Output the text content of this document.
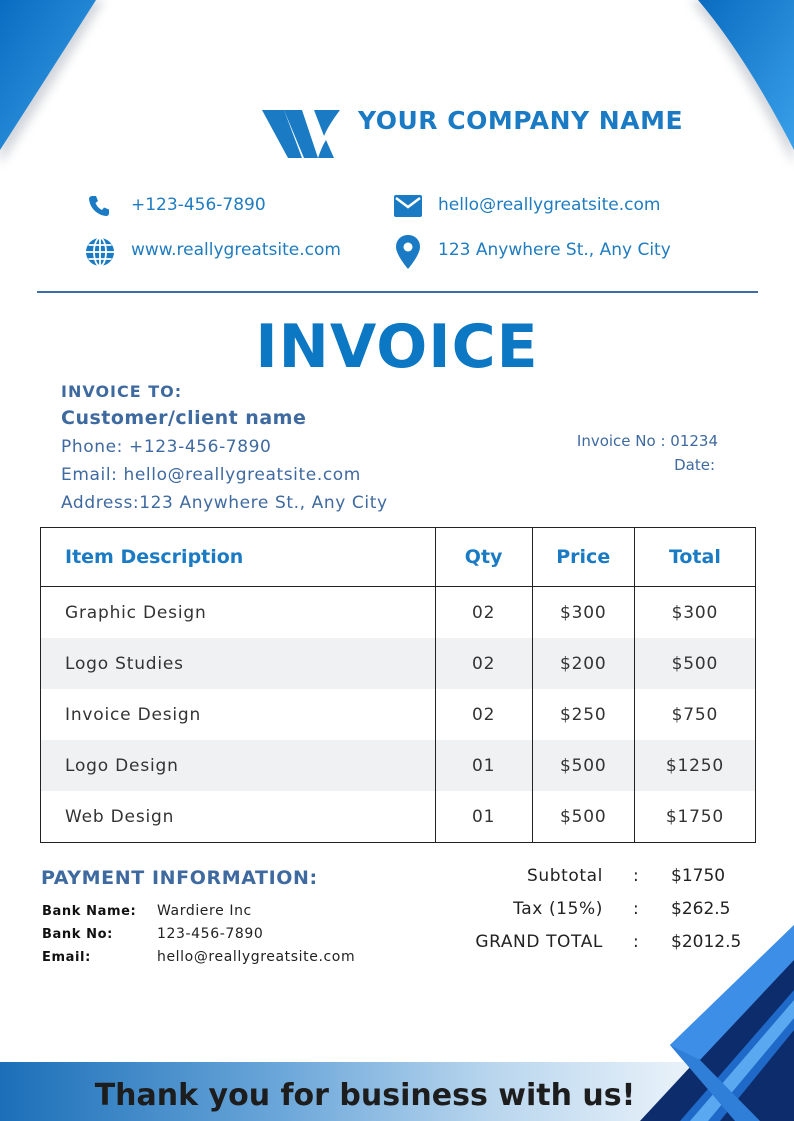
YOUR COMPANY NAME
+123-456-7890	hello@reallygreatsite.com
www.reallygreatsite.com	123 Anywhere St., Any City
INVOICE
INVOICE TO:
Customer/client name
Phone: +123-456-7890
Email: hello@reallygreatsite.com
Address:123 Anywhere St., Any City
Invoice No : 01234
Date:
Item Description	Qty	Price	Total
Graphic Design	02	$300	$300
Logo Studies	02	$200	$500
Invoice Design	02	$250	$750
Logo Design	01	$500	$1250
Web Design	01	$500	$1750
PAYMENT INFORMATION:
Bank Name: Wardiere Inc
Bank No:	123-456-7890
Email:	hello@reallygreatsite.com
Subtotal : $1750
Tax (15%) : $262.5
GRAND TOTAL : $2012.5
Thank you for business with us!
